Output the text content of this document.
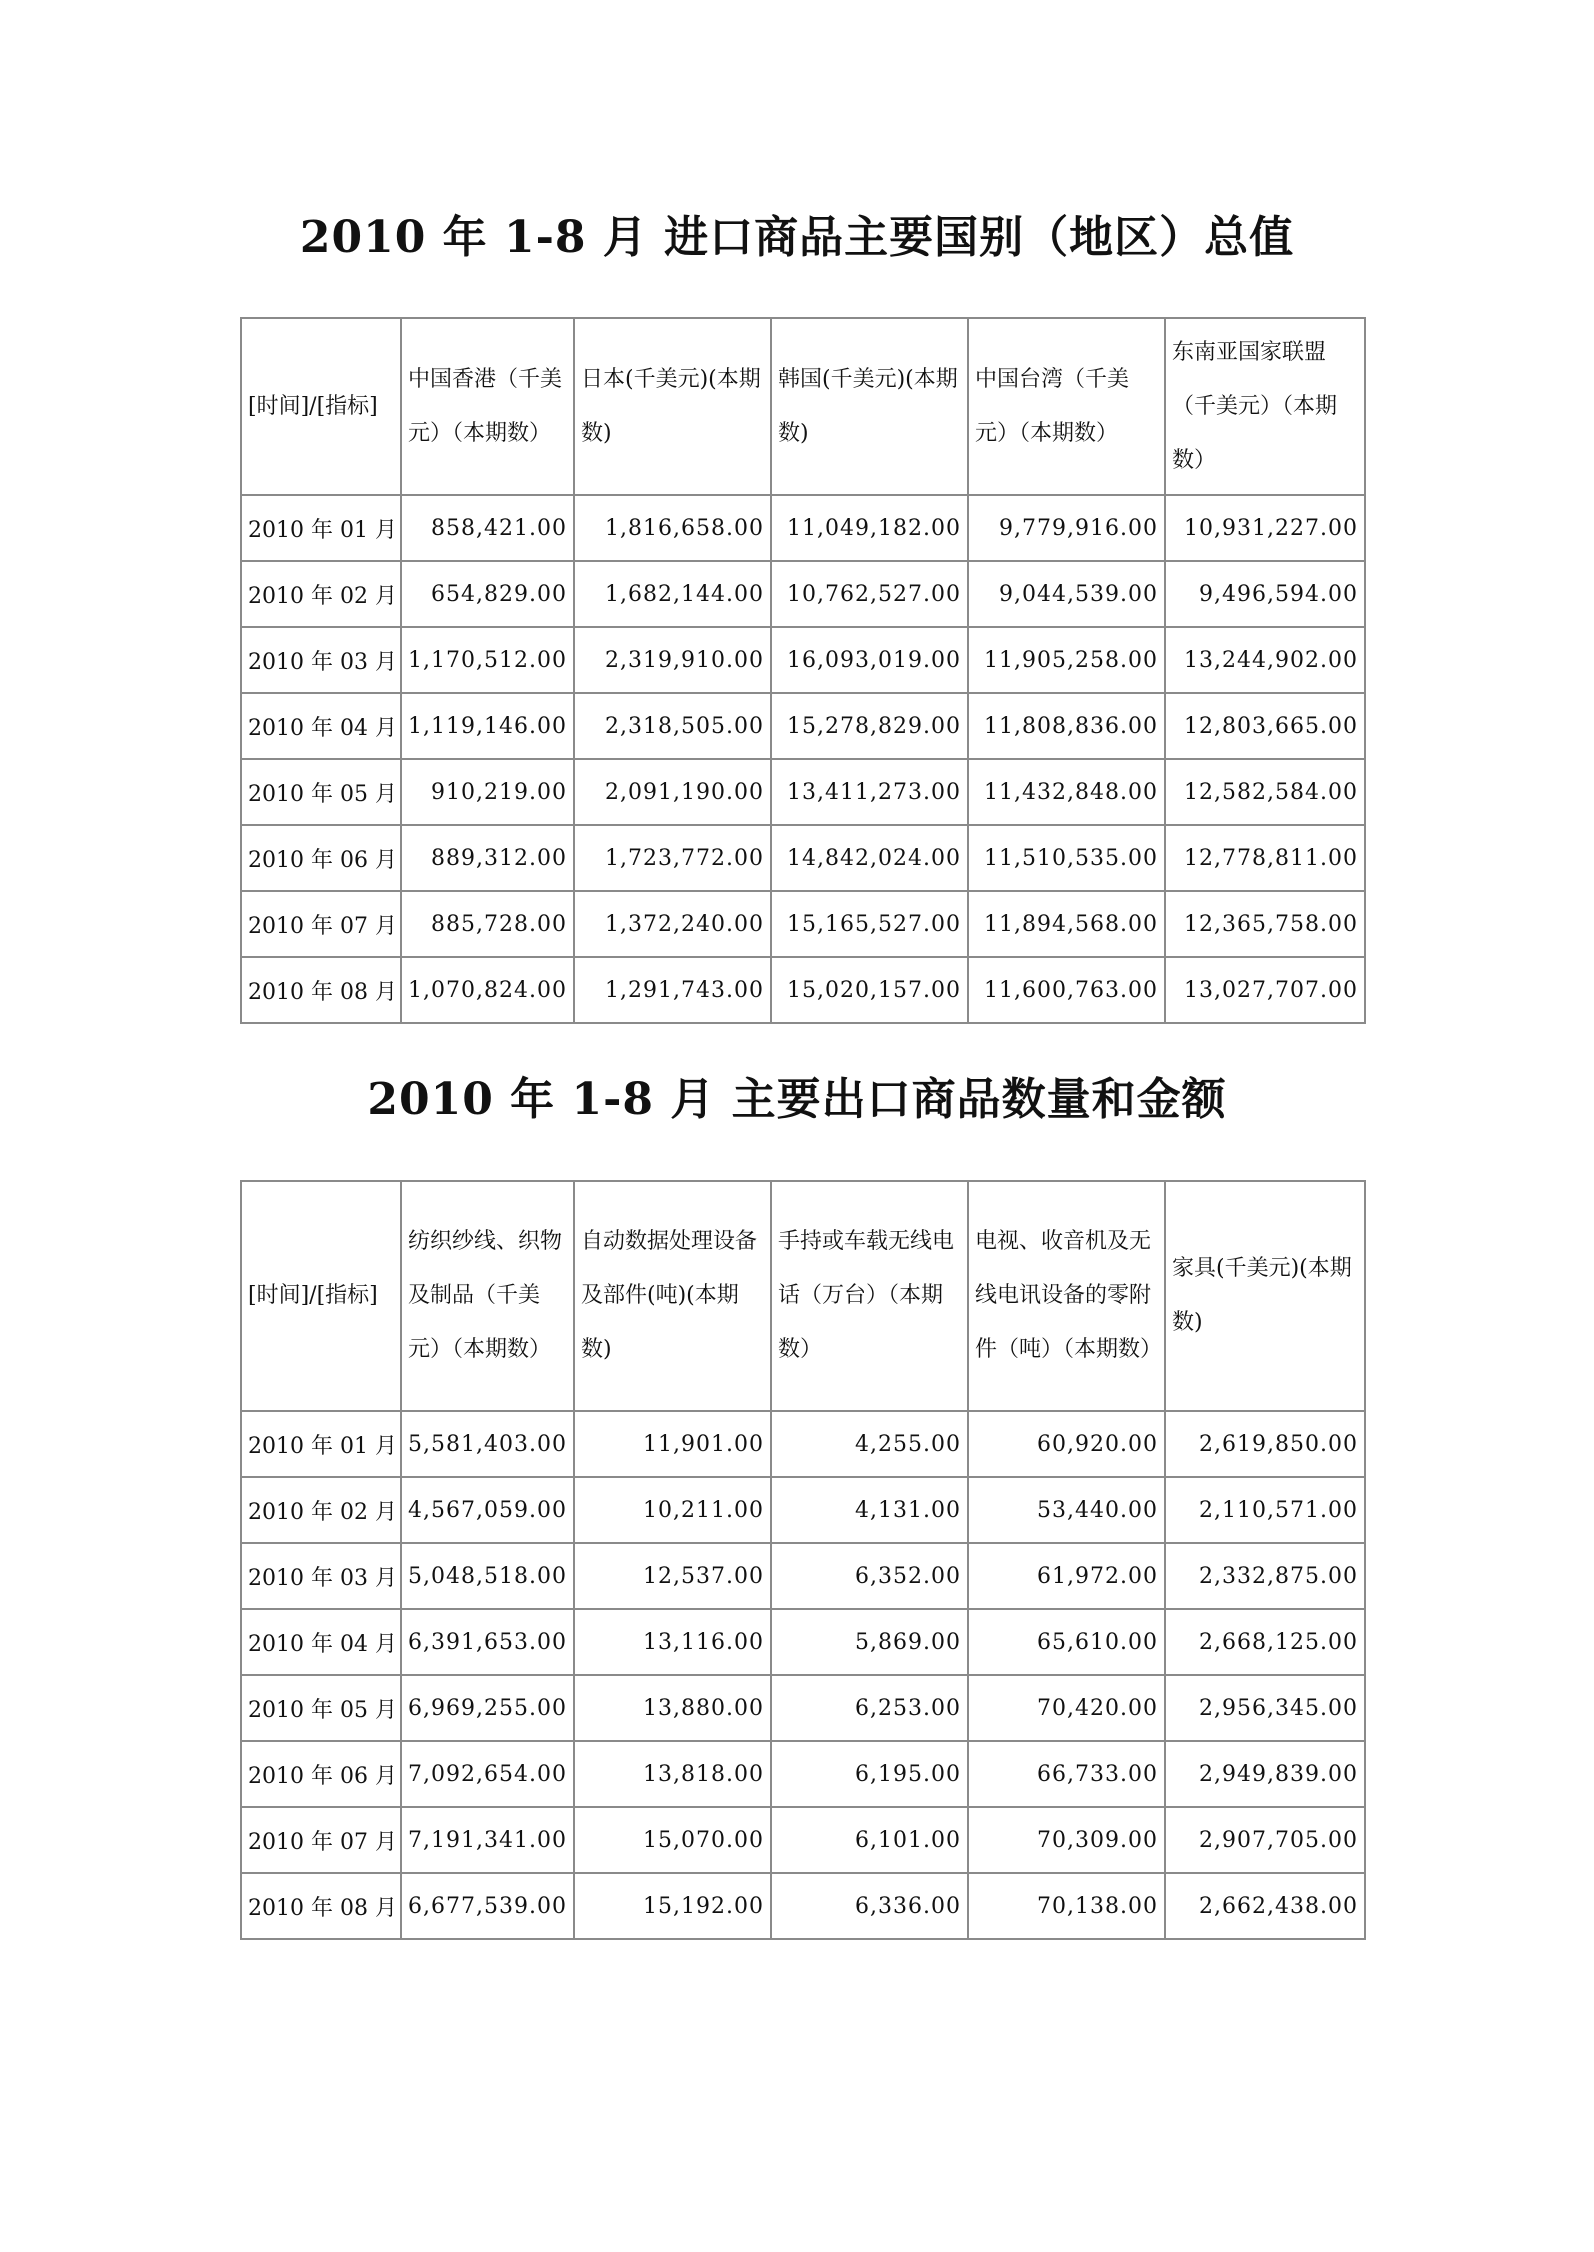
2010 年 1-8 月 进口商品主要国别（地区）总值
[时间]/[指标]	中国香港（千美元）（本期数）	日本(千美元)(本期数)	韩国(千美元)(本期数)	中国台湾（千美元）（本期数）	东南亚国家联盟（千美元）（本期数）
2010 年 01 月	858,421.00	1,816,658.00	11,049,182.00	9,779,916.00	10,931,227.00
2010 年 02 月	654,829.00	1,682,144.00	10,762,527.00	9,044,539.00	9,496,594.00
2010 年 03 月	1,170,512.00	2,319,910.00	16,093,019.00	11,905,258.00	13,244,902.00
2010 年 04 月	1,119,146.00	2,318,505.00	15,278,829.00	11,808,836.00	12,803,665.00
2010 年 05 月	910,219.00	2,091,190.00	13,411,273.00	11,432,848.00	12,582,584.00
2010 年 06 月	889,312.00	1,723,772.00	14,842,024.00	11,510,535.00	12,778,811.00
2010 年 07 月	885,728.00	1,372,240.00	15,165,527.00	11,894,568.00	12,365,758.00
2010 年 08 月	1,070,824.00	1,291,743.00	15,020,157.00	11,600,763.00	13,027,707.00
2010 年 1-8 月 主要出口商品数量和金额
[时间]/[指标]	纺织纱线、织物及制品（千美元）（本期数）	自动数据处理设备及部件(吨)(本期数)	手持或车载无线电话（万台）（本期数）	电视、收音机及无线电讯设备的零附件（吨）（本期数）	家具(千美元)(本期数)
2010 年 01 月	5,581,403.00	11,901.00	4,255.00	60,920.00	2,619,850.00
2010 年 02 月	4,567,059.00	10,211.00	4,131.00	53,440.00	2,110,571.00
2010 年 03 月	5,048,518.00	12,537.00	6,352.00	61,972.00	2,332,875.00
2010 年 04 月	6,391,653.00	13,116.00	5,869.00	65,610.00	2,668,125.00
2010 年 05 月	6,969,255.00	13,880.00	6,253.00	70,420.00	2,956,345.00
2010 年 06 月	7,092,654.00	13,818.00	6,195.00	66,733.00	2,949,839.00
2010 年 07 月	7,191,341.00	15,070.00	6,101.00	70,309.00	2,907,705.00
2010 年 08 月	6,677,539.00	15,192.00	6,336.00	70,138.00	2,662,438.00
